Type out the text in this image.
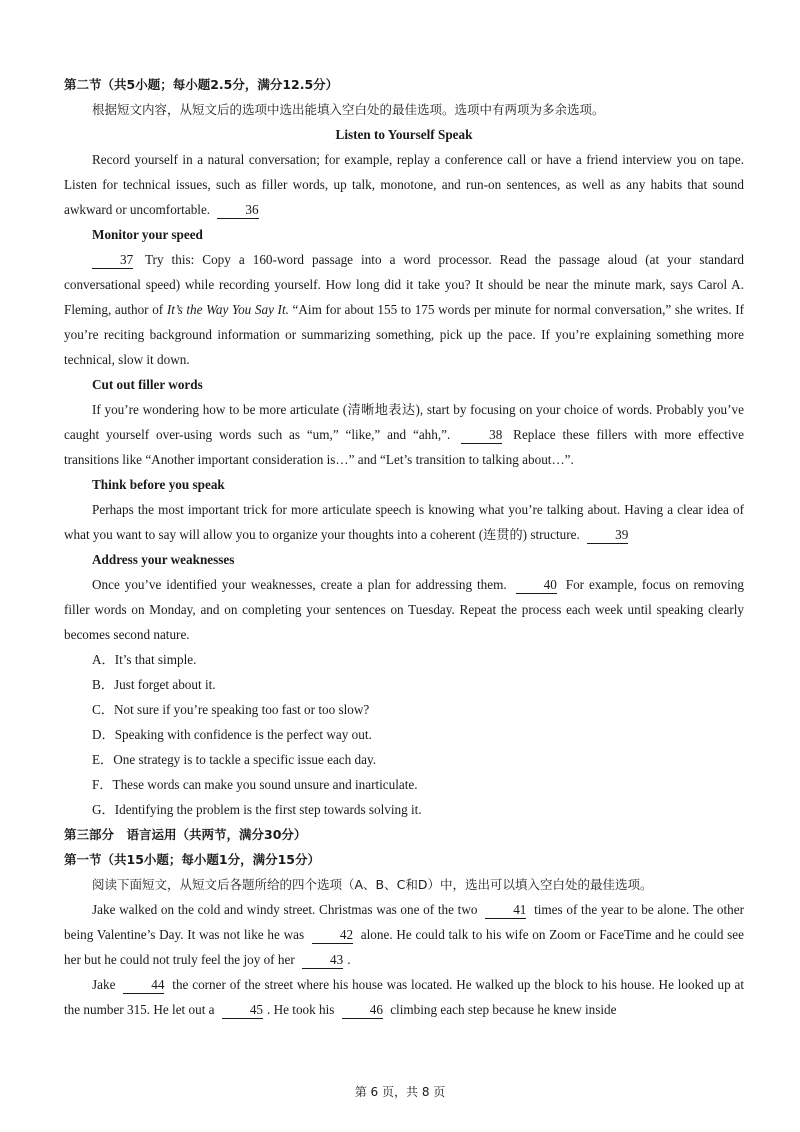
第二节（共5小题；每小题2.5分，满分12.5分）

根据短文内容，从短文后的选项中选出能填入空白处的最佳选项。选项中有两项为多余选项。

Listen to Yourself Speak

Record yourself in a natural conversation; for example, replay a conference call or have a friend interview you on tape. Listen for technical issues, such as filler words, up talk, monotone, and run-on sentences, as well as any habits that sound awkward or uncomfortable.	36

Monitor your speed

37 Try this: Copy a 160-word passage into a word processor. Read the passage aloud (at your standard conversational speed) while recording yourself. How long did it take you? It should be near the minute mark, says Carol A. Fleming, author of It’s the Way You Say It. “Aim for about 155 to 175 words per minute for normal conversation,” she writes. If you’re reciting background information or summarizing something, pick up the pace. If you’re explaining something more technical, slow it down.

Cut out filler words

If you’re wondering how to be more articulate (清晰地表达), start by focusing on your choice of words. Probably you’ve caught yourself over-using words such as “um,” “like,” and “ahh,”.	38 Replace these fillers with more effective transitions like “Another important consideration is…” and “Let’s transition to talking about…”.

Think before you speak

Perhaps the most important trick for more articulate speech is knowing what you’re talking about. Having a clear idea of what you want to say will allow you to organize your thoughts into a coherent (连贯的) structure.	39

Address your weaknesses

Once you’ve identified your weaknesses, create a plan for addressing them.	40 For example, focus on removing filler words on Monday, and on completing your sentences on Tuesday. Repeat the process each week until speaking clearly becomes second nature.

A．It’s that simple.

B．Just forget about it.

C．Not sure if you’re speaking too fast or too slow?

D．Speaking with confidence is the perfect way out.

E．One strategy is to tackle a specific issue each day.

F．These words can make you sound unsure and inarticulate.

G．Identifying the problem is the first step towards solving it.

第三部分　语言运用（共两节，满分30分）

第一节（共15小题；每小题1分，满分15分）

阅读下面短文，从短文后各题所给的四个选项（A、B、C和D）中，选出可以填入空白处的最佳选项。

Jake walked on the cold and windy street. Christmas was one of the two	41 times of the year to be alone. The other being Valentine’s Day. It was not like he was	42 alone. He could talk to his wife on Zoom or FaceTime and he could see her but he could not truly feel the joy of her	43 .

Jake	44 the corner of the street where his house was located. He walked up the block to his house. He looked up at the number 315. He let out a	45 . He took his	46 climbing each step because he knew inside

第 6 页，共 8 页
